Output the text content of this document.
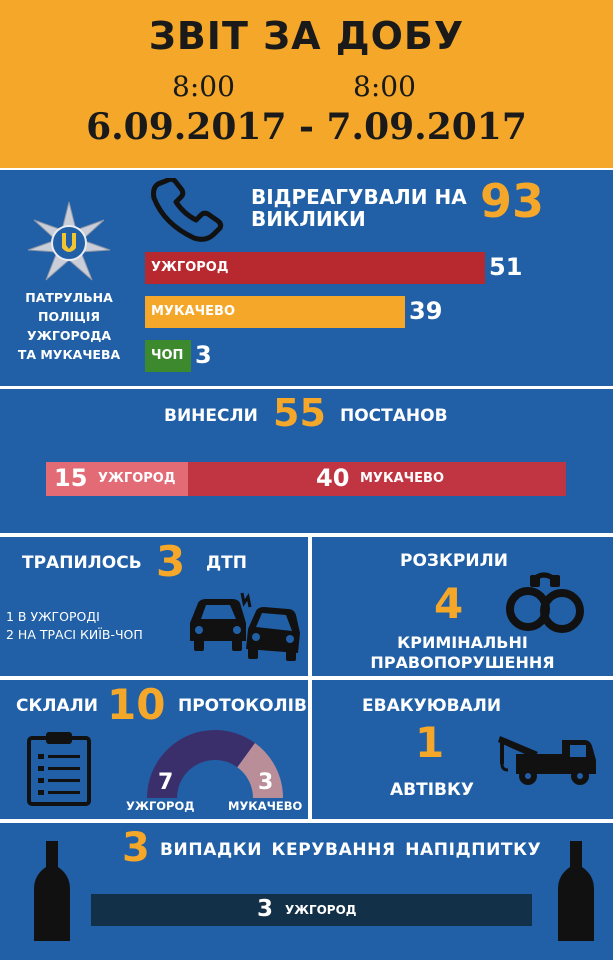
ЗВІТ ЗА ДОБУ
8:00	8:00
6.09.2017 - 7.09.2017
ПАТРУЛЬНА
ПОЛІЦІЯ
УЖГОРОДА
ТА МУКАЧЕВА
ВІДРЕАГУВАЛИ НА
ВИКЛИКИ	93
УЖГОРОД	51
МУКАЧЕВО	39
ЧОП 3
ВИНЕСЛИ 55 ПОСТАНОВ
15 УЖГОРОД	40 МУКАЧЕВО
ТРАПИЛОСЬ 3 ДТП
1 В УЖГОРОДІ
2 НА ТРАСІ КИЇВ-ЧОП
РОЗКРИЛИ
4
КРИМІНАЛЬНІ
ПРАВОПОРУШЕННЯ
СКЛАЛИ 10 ПРОТОКОЛІВ
7	3
УЖГОРОД	МУКАЧЕВО
ЕВАКУЮВАЛИ
1
АВТІВКУ
3 ВИПАДКИ КЕРУВАННЯ НАПІДПИТКУ
3 УЖГОРОД
